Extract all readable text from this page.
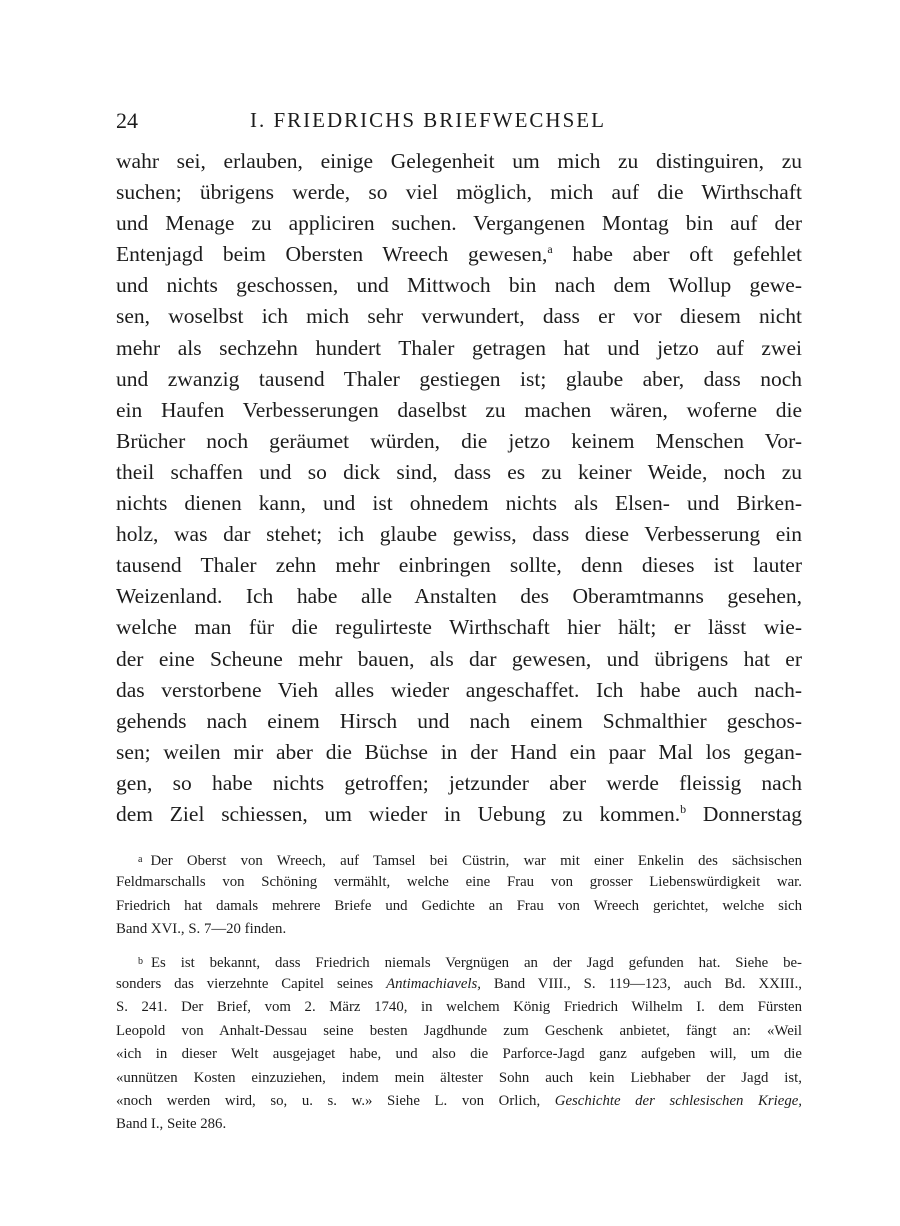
24	I. FRIEDRICHS BRIEFWECHSEL
wahr sei, erlauben, einige Gelegenheit um mich zu distinguiren, zu
suchen; übrigens werde, so viel möglich, mich auf die Wirthschaft
und Menage zu appliciren suchen. Vergangenen Montag bin auf der
Entenjagd beim Obersten Wreech gewesen,$^a$ habe aber oft gefehlet
und nichts geschossen, und Mittwoch bin nach dem Wollup gewe-
sen, woselbst ich mich sehr verwundert, dass er vor diesem nicht
mehr als sechzehn hundert Thaler getragen hat und jetzo auf zwei
und zwanzig tausend Thaler gestiegen ist; glaube aber, dass noch
ein Haufen Verbesserungen daselbst zu machen wären, woferne die
Brücher noch geräumet würden, die jetzo keinem Menschen Vor-
theil schaffen und so dick sind, dass es zu keiner Weide, noch zu
nichts dienen kann, und ist ohnedem nichts als Elsen- und Birken-
holz, was dar stehet; ich glaube gewiss, dass diese Verbesserung ein
tausend Thaler zehn mehr einbringen sollte, denn dieses ist lauter
Weizenland. Ich habe alle Anstalten des Oberamtmanns gesehen,
welche man für die regulirteste Wirthschaft hier hält; er lässt wie-
der eine Scheune mehr bauen, als dar gewesen, und übrigens hat er
das verstorbene Vieh alles wieder angeschaffet. Ich habe auch nach-
gehends nach einem Hirsch und nach einem Schmalthier geschos-
sen; weilen mir aber die Büchse in der Hand ein paar Mal los gegan-
gen, so habe nichts getroffen; jetzunder aber werde fleissig nach
dem Ziel schiessen, um wieder in Uebung zu kommen.$^b$ Donnerstag
$^a$ Der Oberst von Wreech, auf Tamsel bei Cüstrin, war mit einer Enkelin des sächsischen
Feldmarschalls von Schöning vermählt, welche eine Frau von grosser Liebenswürdigkeit war.
Friedrich hat damals mehrere Briefe und Gedichte an Frau von Wreech gerichtet, welche sich
Band XVI., S. 7—20 finden.
$^b$ Es ist bekannt, dass Friedrich niemals Vergnügen an der Jagd gefunden hat. Siehe be-
sonders das vierzehnte Capitel seines Antimachiavels, Band VIII., S. 119—123, auch Bd. XXIII.,
S. 241. Der Brief, vom 2. März 1740, in welchem König Friedrich Wilhelm I. dem Fürsten
Leopold von Anhalt-Dessau seine besten Jagdhunde zum Geschenk anbietet, fängt an: «Weil
«ich in dieser Welt ausgejaget habe, und also die Parforce-Jagd ganz aufgeben will, um die
«unnützen Kosten einzuziehen, indem mein ältester Sohn auch kein Liebhaber der Jagd ist,
«noch werden wird, so, u. s. w.» Siehe L. von Orlich, Geschichte der schlesischen Kriege,
Band I., Seite 286.
